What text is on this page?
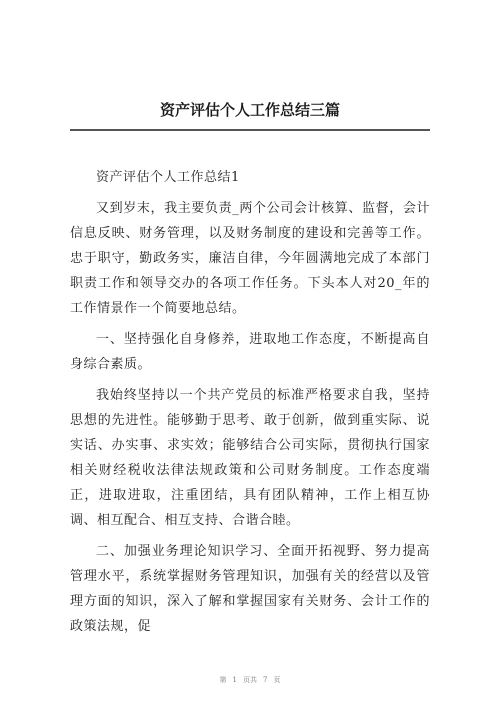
资产评估个人工作总结三篇

资产评估个人工作总结1

又到岁末，我主要负责_两个公司会计核算、监督，会计信息反映、财务管理，以及财务制度的建设和完善等工作。忠于职守，勤政务实，廉洁自律，今年圆满地完成了本部门职责工作和领导交办的各项工作任务。下头本人对20_年的工作情景作一个简要地总结。

一、坚持强化自身修养，进取地工作态度，不断提高自身综合素质。

我始终坚持以一个共产党员的标准严格要求自我，坚持思想的先进性。能够勤于思考、敢于创新，做到重实际、说实话、办实事、求实效；能够结合公司实际，贯彻执行国家相关财经税收法律法规政策和公司财务制度。工作态度端正，进取进取，注重团结，具有团队精神，工作上相互协调、相互配合、相互支持、合谐合睦。

二、加强业务理论知识学习、全面开拓视野、努力提高管理水平，系统掌握财务管理知识，加强有关的经营以及管理方面的知识，深入了解和掌握国家有关财务、会计工作的政策法规，促

第 1 页共 7 页
